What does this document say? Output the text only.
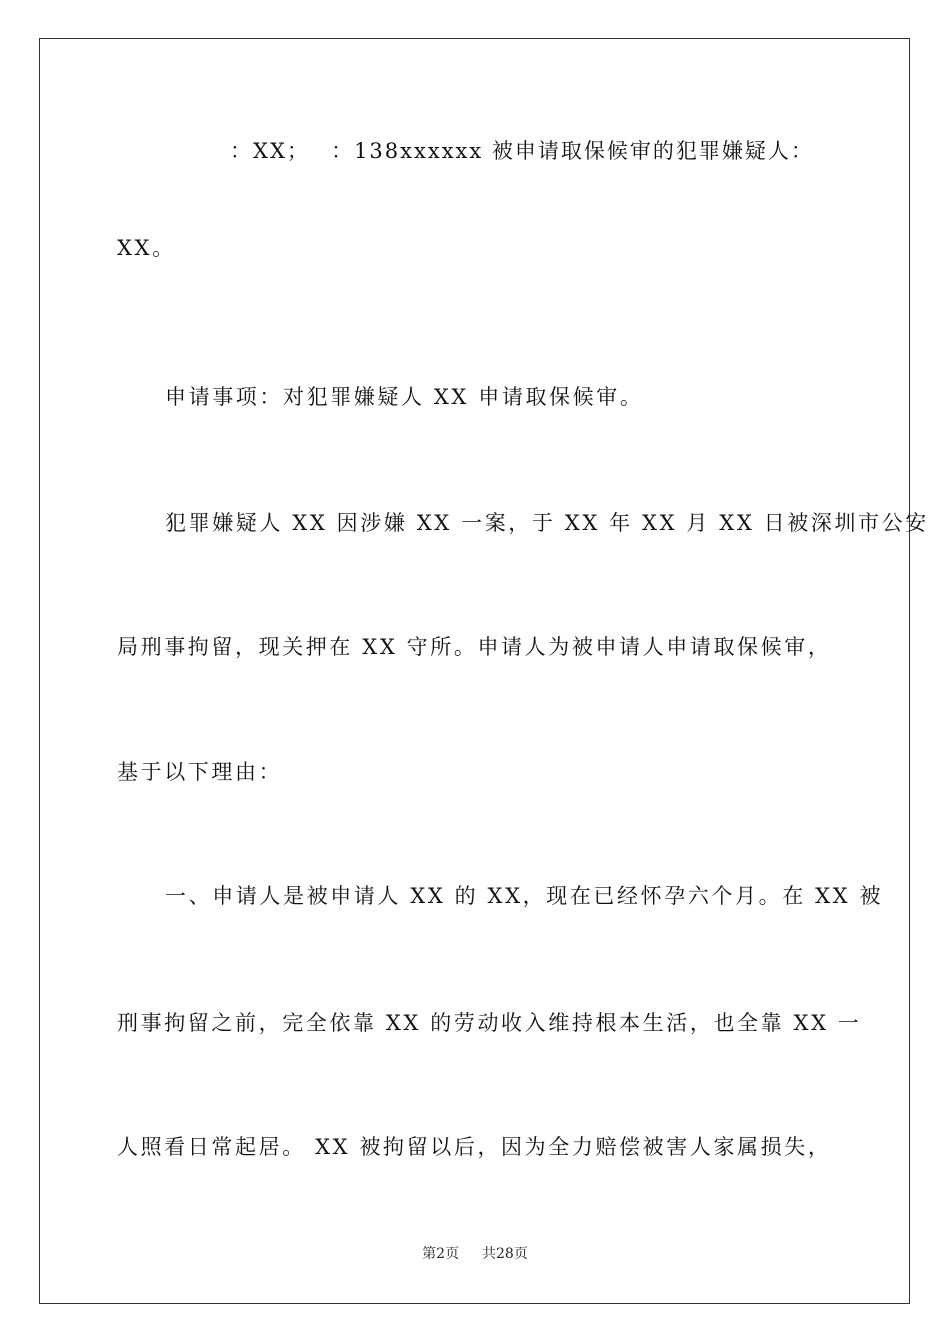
：XX；　 ：138xxxxxx 被申请取保候审的犯罪嫌疑人：
XX。
申请事项：对犯罪嫌疑人 XX 申请取保候审。
犯罪嫌疑人 XX 因涉嫌 XX 一案，于 XX 年 XX 月 XX 日被深圳市公安
局刑事拘留，现关押在 XX 守所。申请人为被申请人申请取保候审，
基于以下理由：
一、申请人是被申请人 XX 的 XX，现在已经怀孕六个月。在 XX 被
刑事拘留之前，完全依靠 XX 的劳动收入维持根本生活，也全靠 XX 一
人照看日常起居。 XX 被拘留以后，因为全力赔偿被害人家属损失，
第2页 共28页
